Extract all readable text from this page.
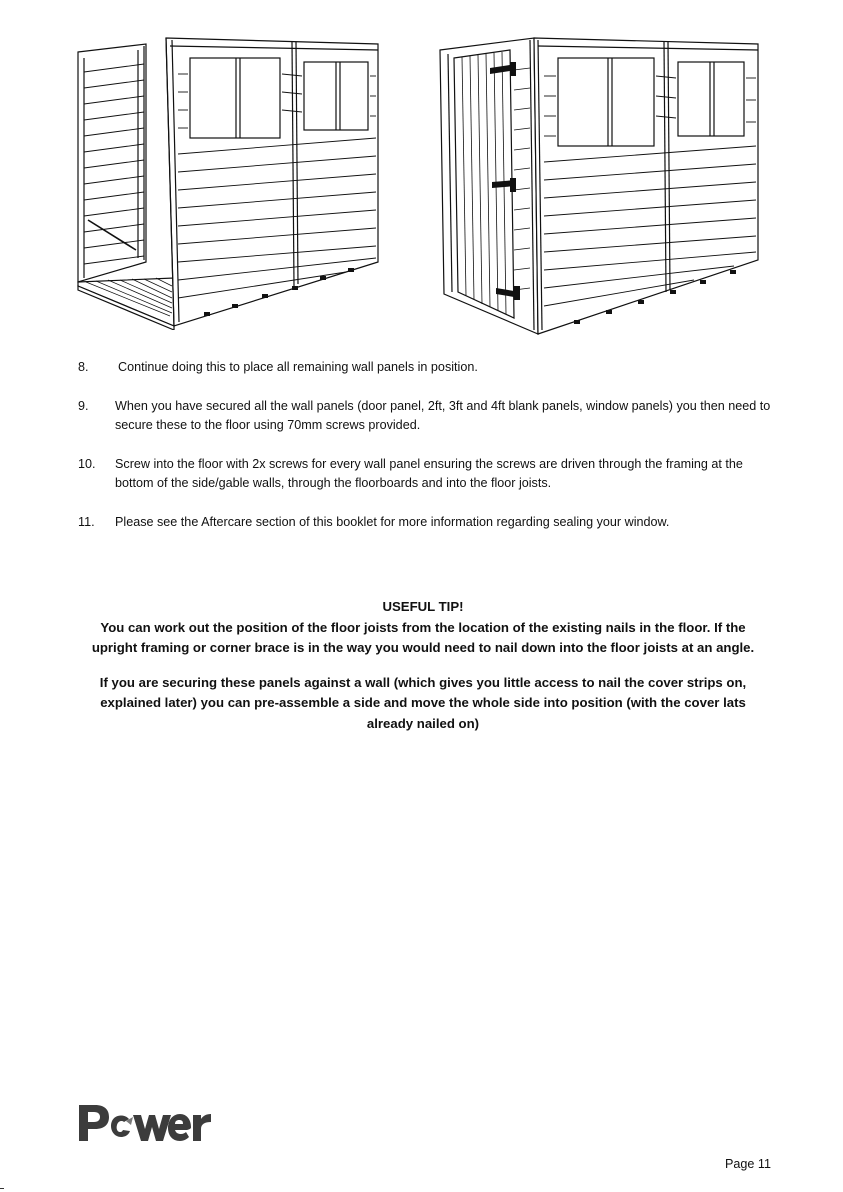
8.	Continue doing this to place all remaining wall panels in position.
9.	When you have secured all the wall panels (door panel, 2ft, 3ft and 4ft blank panels, window panels) you then need to secure these to the floor using 70mm screws provided.
10.	Screw into the floor with 2x screws for every wall panel ensuring the screws are driven through the framing at the bottom of the side/gable walls, through the floorboards and into the floor joists.
11.	Please see the Aftercare section of this booklet for more information regarding sealing your window.

USEFUL TIP!

You can work out the position of the floor joists from the location of the existing nails in the floor. If the upright framing or corner brace is in the way you would need to nail down into the floor joists at an angle.

If you are securing these panels against a wall (which gives you little access to nail the cover strips on, explained later) you can pre-assemble a side and move the whole side into position (with the cover lats already nailed on)

Page 11
